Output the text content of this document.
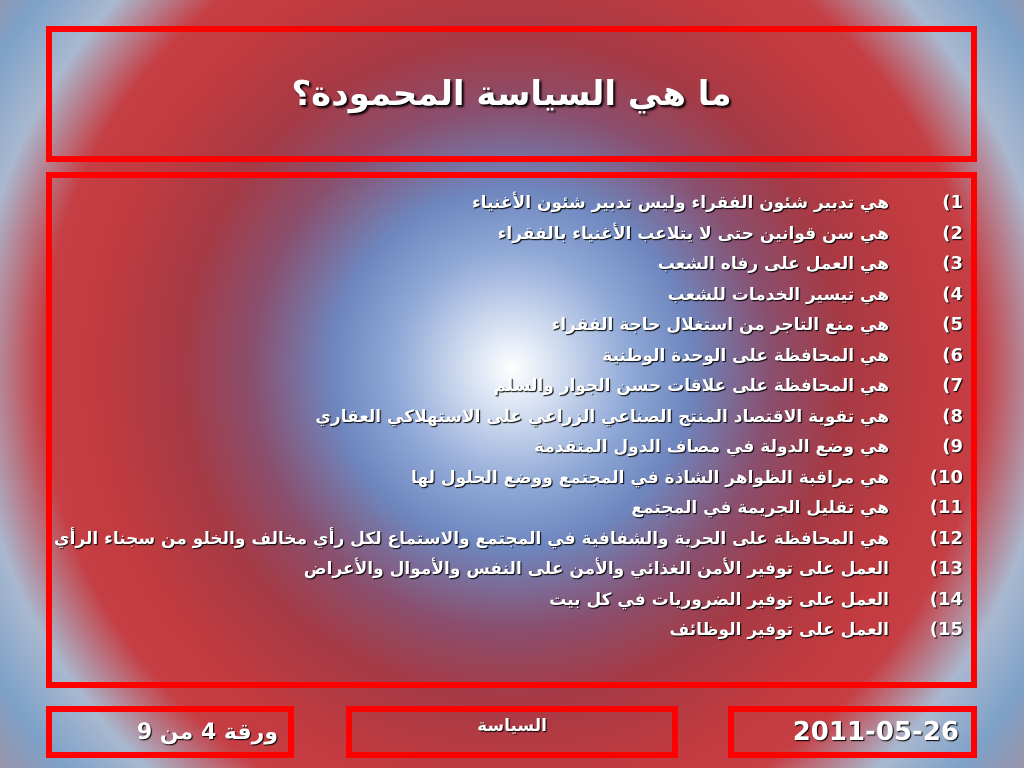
ما هي السياسة المحمودة؟
1)
هي تدبير شئون الفقراء وليس تدبير شئون الأغنياء
2)
هي سن قوانين حتى لا يتلاعب الأغنياء بالفقراء
3)
هي العمل على رفاه الشعب
4)
هي تيسير الخدمات للشعب
5)
هي منع التاجر من استغلال حاجة الفقراء
6)
هي المحافظة على الوحدة الوطنية
7)
هي المحافظة على علاقات حسن الجوار والسلم
8)
هي تقوية الاقتصاد المنتج الصناعي الزراعي على الاستهلاكي العقاري
9)
هي وضع الدولة في مصاف الدول المتقدمة
10)
هي مراقبة الظواهر الشاذة في المجتمع ووضع الحلول لها
11)
هي تقليل الجريمة في المجتمع
12)
هي المحافظة على الحرية والشفافية في المجتمع والاستماع لكل رأي مخالف والخلو من سجناء الرأي
13)
العمل على توفير الأمن الغذائي والأمن على النفس والأموال والأعراض
14)
العمل على توفير الضروريات في كل بيت
15)
العمل على توفير الوظائف
2011-05-26
السياسة
ورقة 4 من 9
